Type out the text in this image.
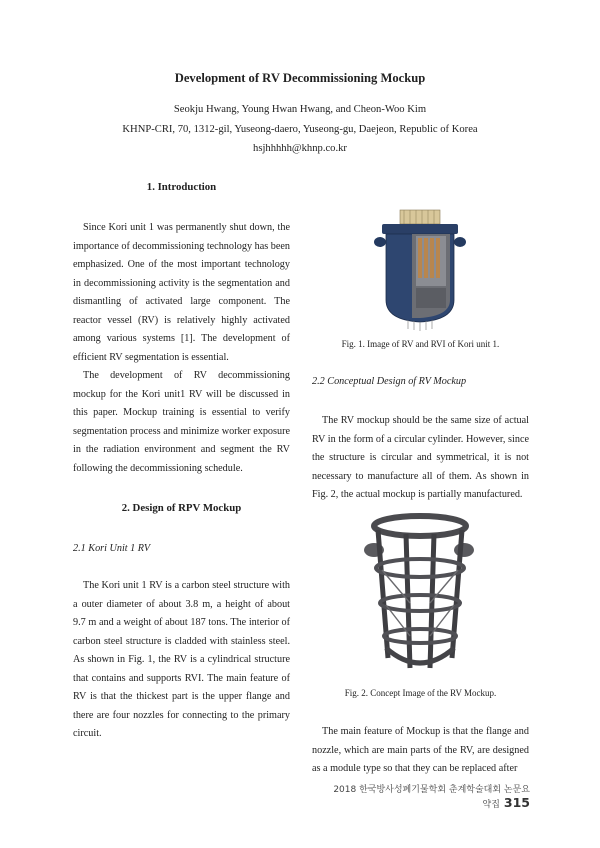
Development of RV Decommissioning Mockup
Seokju Hwang, Young Hwan Hwang, and Cheon-Woo Kim
KHNP-CRI, 70, 1312-gil, Yuseong-daero, Yuseong-gu, Daejeon, Republic of Korea
hsjhhhhh@khnp.co.kr
1. Introduction

Since Kori unit 1 was permanently shut down, the importance of decommissioning technology has been emphasized. One of the most important technology in decommissioning activity is the segmentation and dismantling of activated large component. The reactor vessel (RV) is relatively highly activated among various systems [1]. The development of efficient RV segmentation is essential.

The development of RV decommissioning mockup for the Kori unit1 RV will be discussed in this paper. Mockup training is essential to verify segmentation process and minimize worker exposure in the radiation environment and segment the RV following the decommissioning schedule.

2. Design of RPV Mockup
2.1 Kori Unit 1 RV

The Kori unit 1 RV is a carbon steel structure with a outer diameter of about 3.8 m, a height of about 9.7 m and a weight of about 187 tons. The interior of carbon steel structure is cladded with stainless steel. As shown in Fig. 1, the RV is a cylindrical structure that contains and supports RVI. The main feature of RV is that the thickest part is the upper flange and there are four nozzles for connecting to the primary circuit.

Fig. 1. Image of RV and RVI of Kori unit 1.
2.2 Conceptual Design of RV Mockup

The RV mockup should be the same size of actual RV in the form of a circular cylinder. However, since the structure is circular and symmetrical, it is not necessary to manufacture all of them. As shown in Fig. 2, the actual mockup is partially manufactured.

Fig. 2. Concept Image of the RV Mockup.

The main feature of Mockup is that the flange and nozzle, which are main parts of the RV, are designed as a module type so that they can be replaced after

2018 한국방사성폐기물학회 춘계학술대회 논문요약집 315
